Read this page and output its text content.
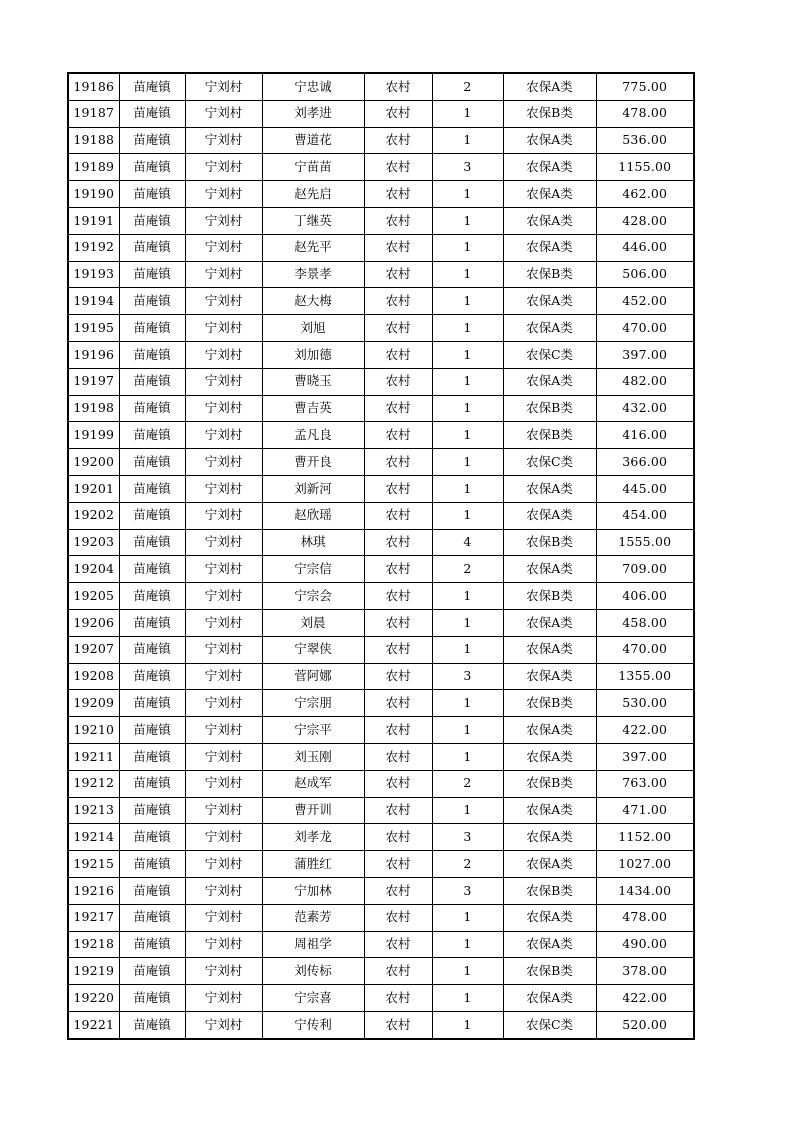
19186	苗庵镇	宁刘村	宁忠诚	农村	2	农保A类	775.00
19187	苗庵镇	宁刘村	刘孝进	农村	1	农保B类	478.00
19188	苗庵镇	宁刘村	曹道花	农村	1	农保A类	536.00
19189	苗庵镇	宁刘村	宁苗苗	农村	3	农保A类	1155.00
19190	苗庵镇	宁刘村	赵先启	农村	1	农保A类	462.00
19191	苗庵镇	宁刘村	丁继英	农村	1	农保A类	428.00
19192	苗庵镇	宁刘村	赵先平	农村	1	农保A类	446.00
19193	苗庵镇	宁刘村	李景孝	农村	1	农保B类	506.00
19194	苗庵镇	宁刘村	赵大梅	农村	1	农保A类	452.00
19195	苗庵镇	宁刘村	刘旭	农村	1	农保A类	470.00
19196	苗庵镇	宁刘村	刘加德	农村	1	农保C类	397.00
19197	苗庵镇	宁刘村	曹晓玉	农村	1	农保A类	482.00
19198	苗庵镇	宁刘村	曹吉英	农村	1	农保B类	432.00
19199	苗庵镇	宁刘村	孟凡良	农村	1	农保B类	416.00
19200	苗庵镇	宁刘村	曹开良	农村	1	农保C类	366.00
19201	苗庵镇	宁刘村	刘新河	农村	1	农保A类	445.00
19202	苗庵镇	宁刘村	赵欣瑶	农村	1	农保A类	454.00
19203	苗庵镇	宁刘村	林琪	农村	4	农保B类	1555.00
19204	苗庵镇	宁刘村	宁宗信	农村	2	农保A类	709.00
19205	苗庵镇	宁刘村	宁宗会	农村	1	农保B类	406.00
19206	苗庵镇	宁刘村	刘晨	农村	1	农保A类	458.00
19207	苗庵镇	宁刘村	宁翠侠	农村	1	农保A类	470.00
19208	苗庵镇	宁刘村	菅阿娜	农村	3	农保A类	1355.00
19209	苗庵镇	宁刘村	宁宗朋	农村	1	农保B类	530.00
19210	苗庵镇	宁刘村	宁宗平	农村	1	农保A类	422.00
19211	苗庵镇	宁刘村	刘玉刚	农村	1	农保A类	397.00
19212	苗庵镇	宁刘村	赵成军	农村	2	农保B类	763.00
19213	苗庵镇	宁刘村	曹开训	农村	1	农保A类	471.00
19214	苗庵镇	宁刘村	刘孝龙	农村	3	农保A类	1152.00
19215	苗庵镇	宁刘村	蒲胜红	农村	2	农保A类	1027.00
19216	苗庵镇	宁刘村	宁加林	农村	3	农保B类	1434.00
19217	苗庵镇	宁刘村	范素芳	农村	1	农保A类	478.00
19218	苗庵镇	宁刘村	周祖学	农村	1	农保A类	490.00
19219	苗庵镇	宁刘村	刘传标	农村	1	农保B类	378.00
19220	苗庵镇	宁刘村	宁宗喜	农村	1	农保A类	422.00
19221	苗庵镇	宁刘村	宁传利	农村	1	农保C类	520.00
